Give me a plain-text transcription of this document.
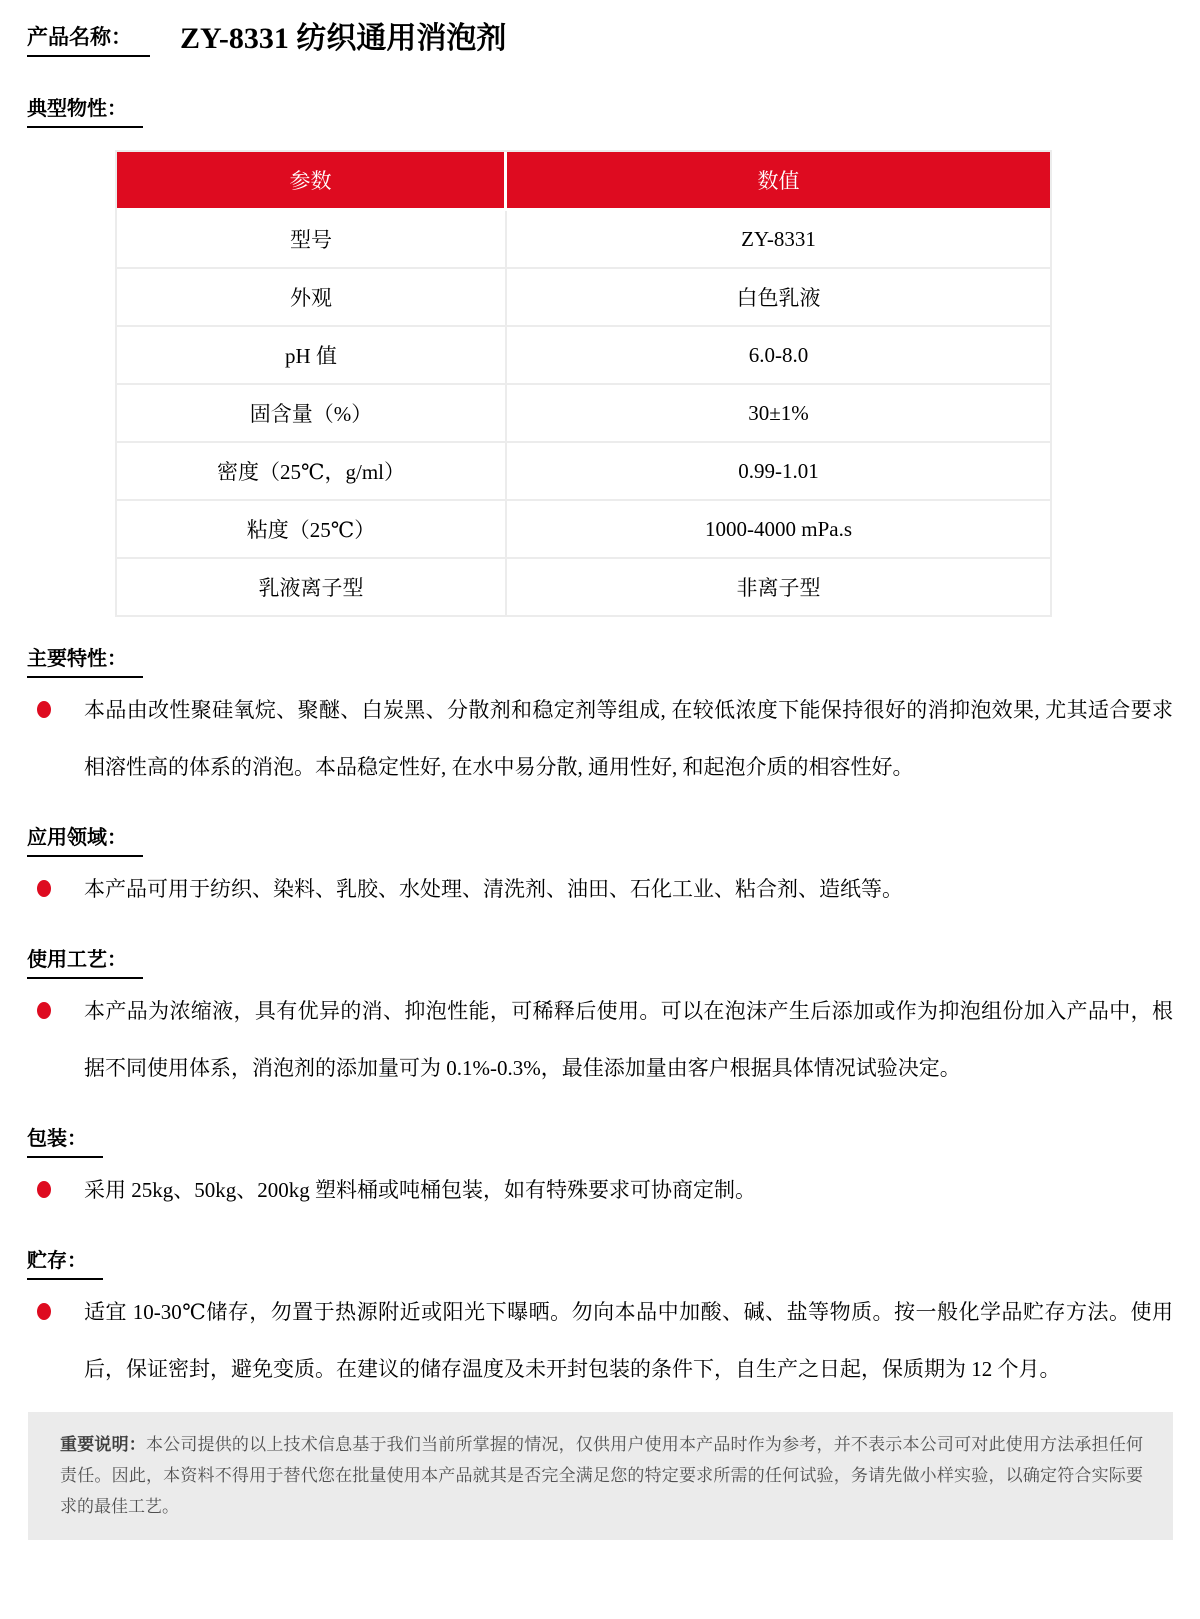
产品名称：	ZY-8331 纺织通用消泡剂
典型物性：
参数	数值
型号	ZY-8331
外观	白色乳液
pH 值	6.0-8.0
固含量（%）	30±1%
密度（25℃，g/ml）	0.99-1.01
粘度（25℃）	1000-4000 mPa.s
乳液离子型	非离子型
主要特性：

本品由改性聚硅氧烷、聚醚、白炭黑、分散剂和稳定剂等组成, 在较低浓度下能保持很好的消抑泡效果, 尤其适合要求相溶性高的体系的消泡。本品稳定性好, 在水中易分散, 通用性好, 和起泡介质的相容性好。

应用领域：

本产品可用于纺织、染料、乳胶、水处理、清洗剂、油田、石化工业、粘合剂、造纸等。

使用工艺：

本产品为浓缩液，具有优异的消、抑泡性能，可稀释后使用。可以在泡沫产生后添加或作为抑泡组份加入产品中，根据不同使用体系，消泡剂的添加量可为 0.1%-0.3%，最佳添加量由客户根据具体情况试验决定。

包装：

采用 25kg、50kg、200kg 塑料桶或吨桶包装，如有特殊要求可协商定制。

贮存：

适宜 10-30℃储存，勿置于热源附近或阳光下曝晒。勿向本品中加酸、碱、盐等物质。按一般化学品贮存方法。使用后，保证密封，避免变质。在建议的储存温度及未开封包装的条件下，自生产之日起，保质期为 12 个月。

重要说明：本公司提供的以上技术信息基于我们当前所掌握的情况，仅供用户使用本产品时作为参考，并不表示本公司可对此使用方法承担任何责任。因此，本资料不得用于替代您在批量使用本产品就其是否完全满足您的特定要求所需的任何试验，务请先做小样实验，以确定符合实际要求的最佳工艺。
